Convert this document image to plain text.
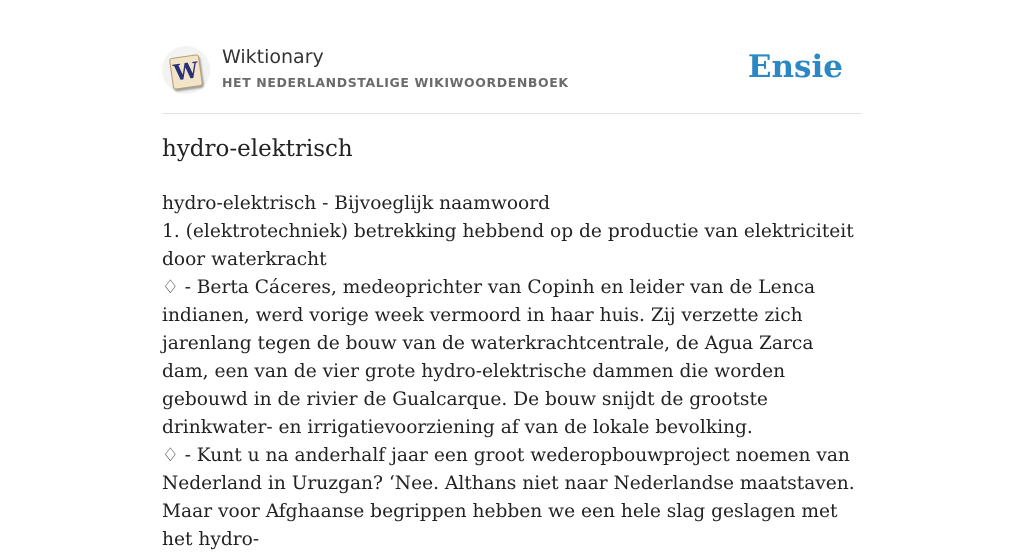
W
Wiktionary
HET NEDERLANDSTALIGE WIKIWOORDENBOEK	Ensie
hydro-elektrisch

hydro-elektrisch - Bijvoeglijk naamwoord

1. (elektrotechniek) betrekking hebbend op de productie van elektriciteit door waterkracht

♢ - Berta Cáceres, medeoprichter van Copinh en leider van de Lenca indianen, werd vorige week vermoord in haar huis. Zij verzette zich jarenlang tegen de bouw van de waterkrachtcentrale, de Agua Zarca dam, een van de vier grote hydro-elektrische dammen die worden gebouwd in de rivier de Gualcarque. De bouw snijdt de grootste drinkwater- en irrigatievoorziening af van de lokale bevolking.

♢ - Kunt u na anderhalf jaar een groot wederopbouwproject noemen van Nederland in Uruzgan? ‘Nee. Althans niet naar Nederlandse maatstaven. Maar voor Afghaanse begrippen hebben we een hele slag geslagen met het hydro-
